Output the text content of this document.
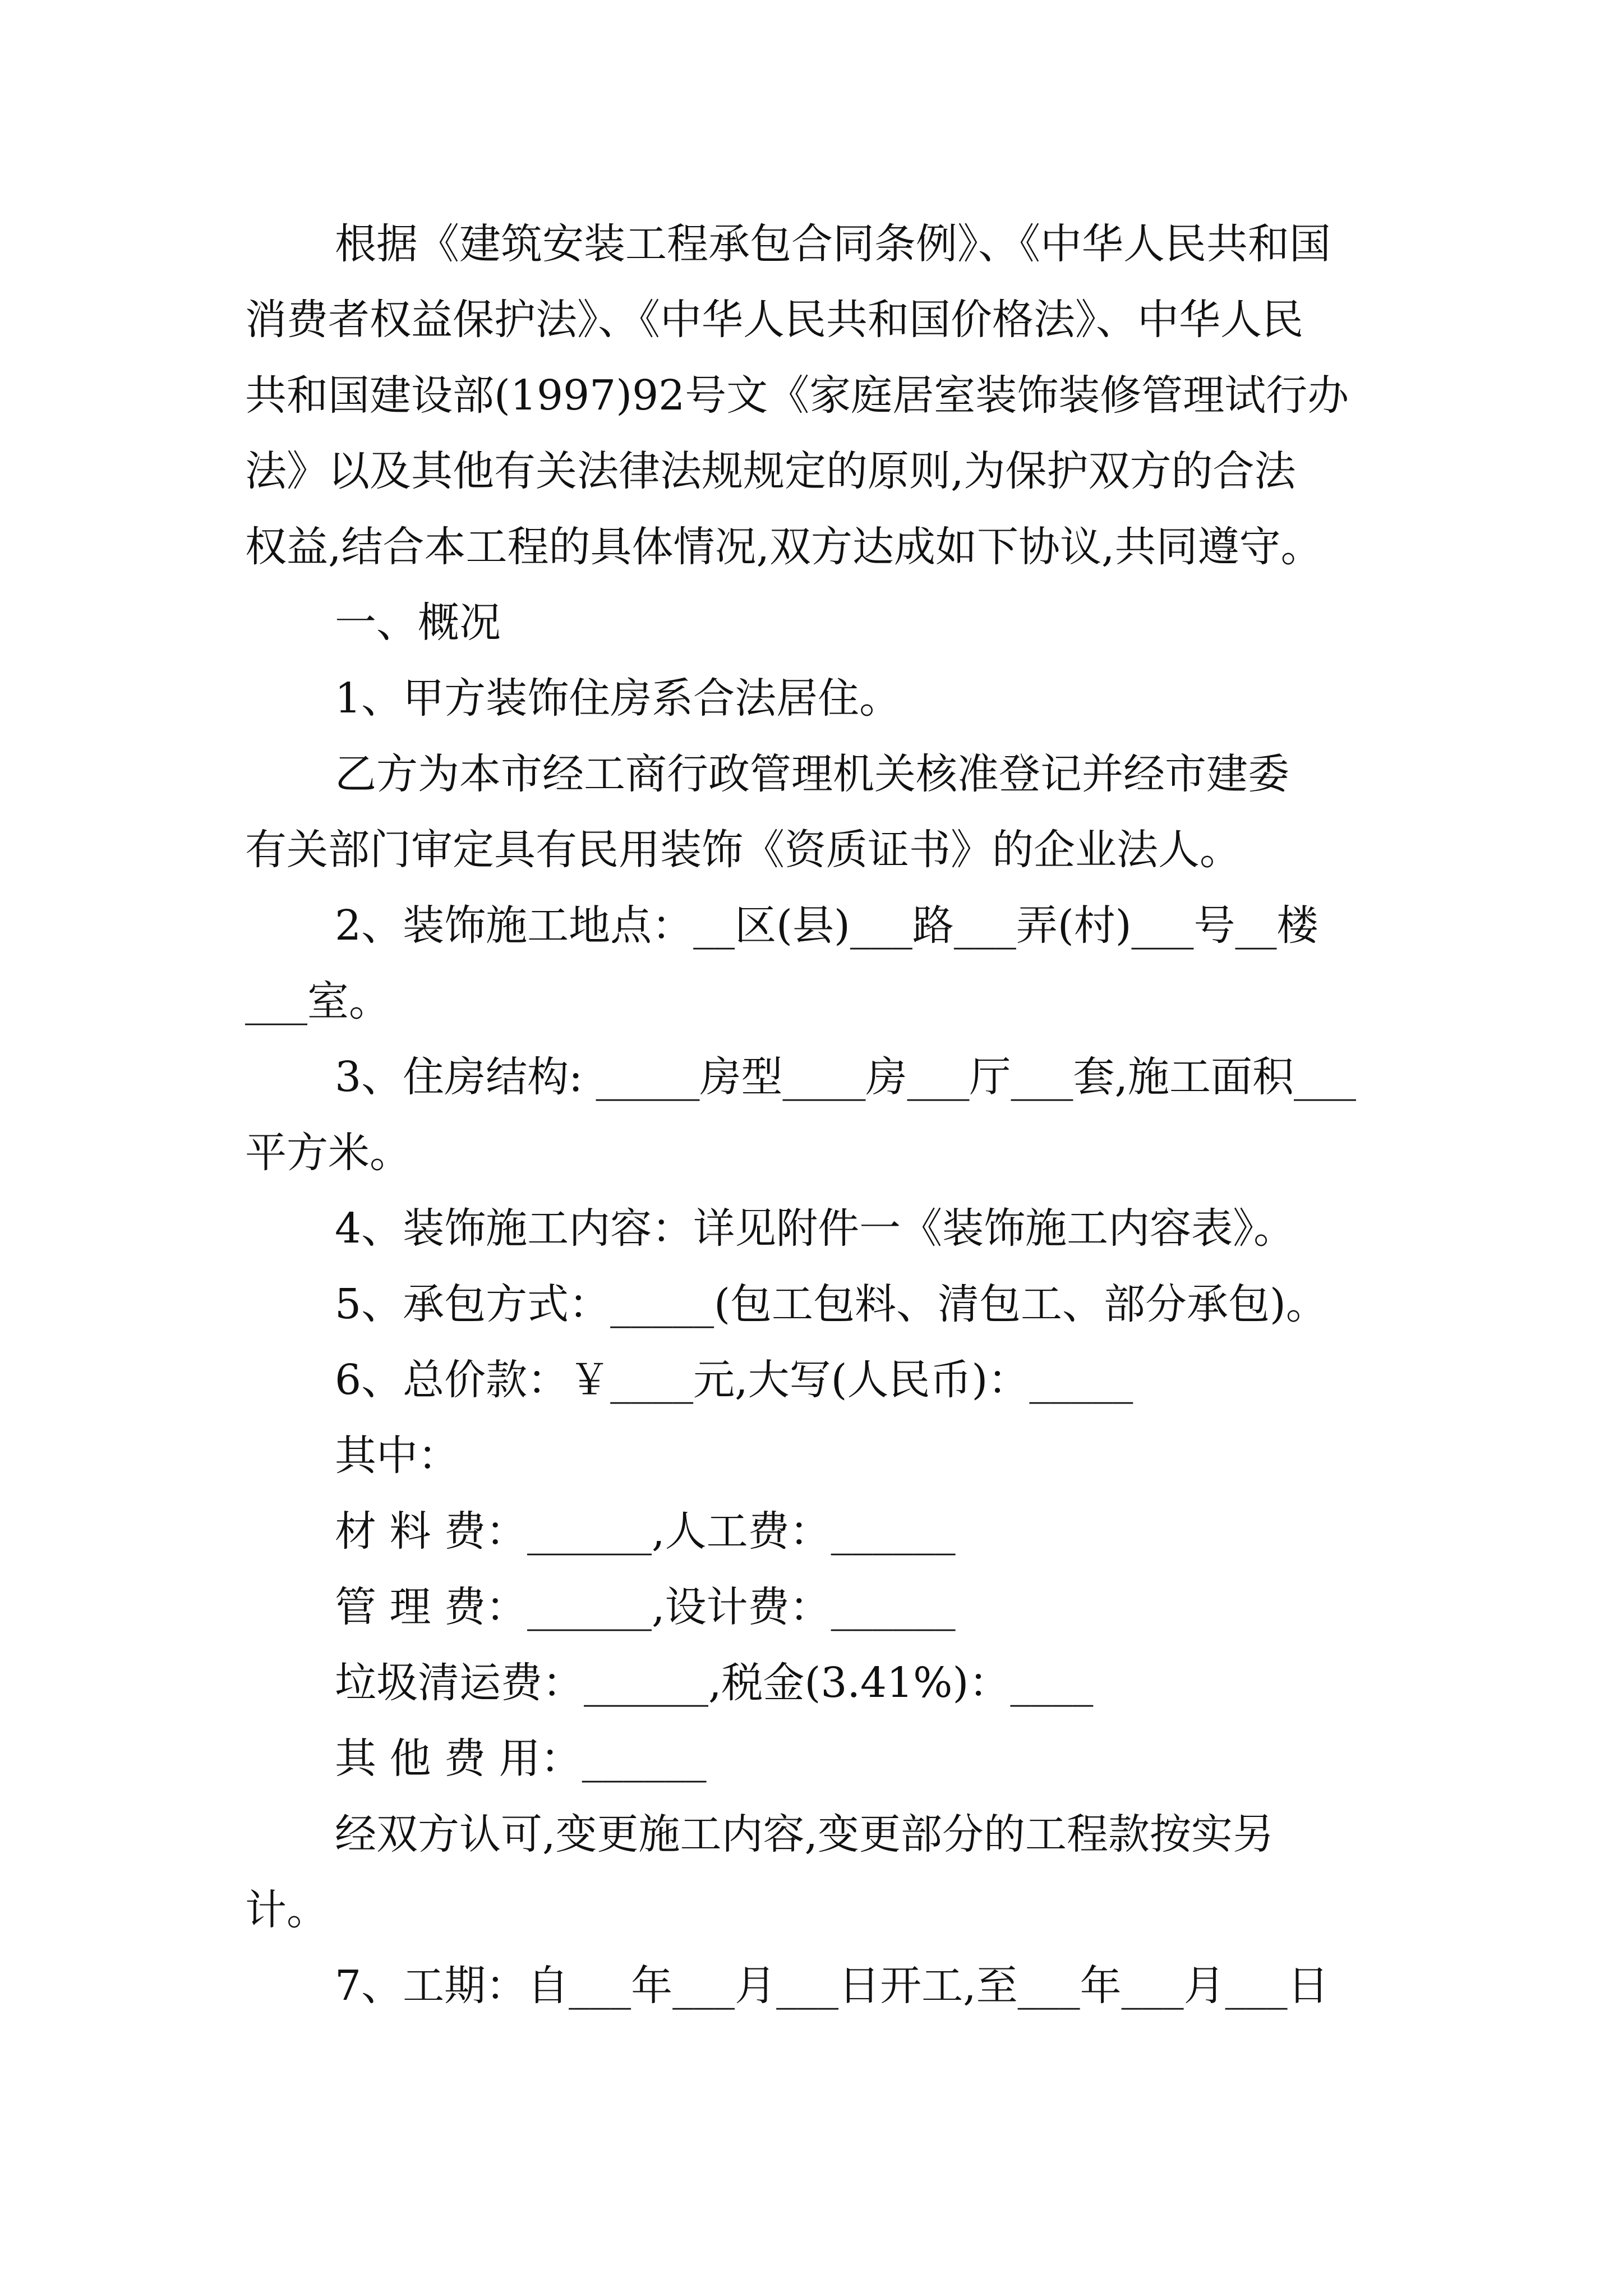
根据《建筑安装工程承包合同条例》、《中华人民共和国
消费者权益保护法》、《中华人民共和国价格法》、中华人民
共和国建设部(1997)92号文《家庭居室装饰装修管理试行办
法》以及其他有关法律法规规定的原则,为保护双方的合法
权益,结合本工程的具体情况,双方达成如下协议,共同遵守。
一、概况
1、甲方装饰住房系合法居住。
乙方为本市经工商行政管理机关核准登记并经市建委
有关部门审定具有民用装饰《资质证书》的企业法人。
2、装饰施工地点：__区(县)___路___弄(村)___号__楼
___室。
3、住房结构: _____房型____房___厅___套,施工面积___
平方米。
4、装饰施工内容：详见附件一《装饰施工内容表》。
5、承包方式：_____(包工包料、清包工、部分承包)。
6、总价款：￥____元,大写(人民币)：_____
其中：
材 料 费：______,人工费：______
管 理 费：______,设计费：______
垃圾清运费：______,税金(3.41%)：____
其 他 费 用：______
经双方认可,变更施工内容,变更部分的工程款按实另
计。
7、工期：自___年___月___日开工,至___年___月___日
